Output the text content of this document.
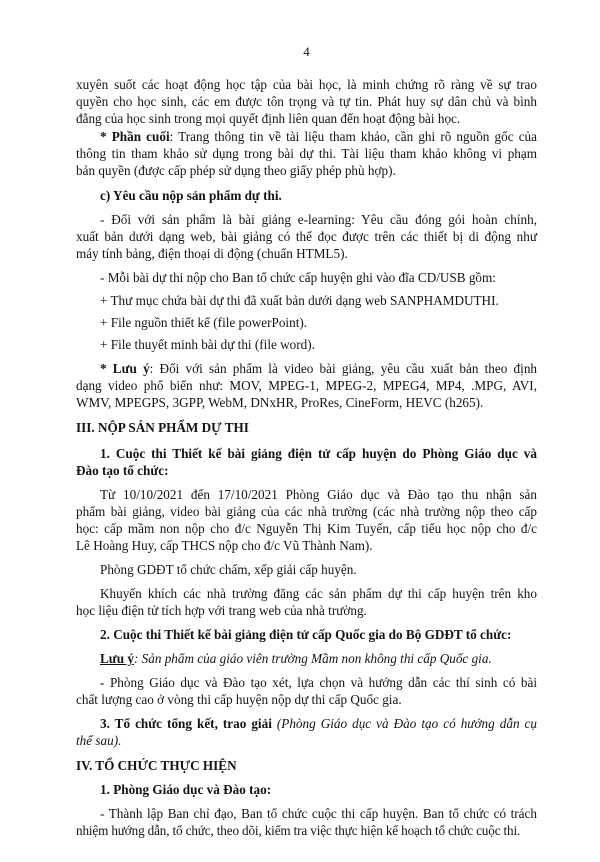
4
xuyên suốt các hoạt động học tập của bài học, là minh chứng rõ ràng về sự trao
quyền cho học sinh, các em được tôn trọng và tự tin. Phát huy sự dân chủ và bình
đẳng của học sinh trong mọi quyết định liên quan đến hoạt động bài học.
* Phần cuối: Trang thông tin về tài liệu tham khảo, cần ghi rõ nguồn gốc của
thông tin tham khảo sử dụng trong bài dự thi. Tài liệu tham khảo không vi phạm
bản quyền (được cấp phép sử dụng theo giấy phép phù hợp).
c) Yêu cầu nộp sản phẩm dự thi.
- Đối với sản phẩm là bài giảng e-learning: Yêu cầu đóng gói hoàn chỉnh,
xuất bản dưới dạng web, bài giảng có thể đọc được trên các thiết bị di động như
máy tính bảng, điện thoại di động (chuẩn HTML5).
- Mỗi bài dự thi nộp cho Ban tổ chức cấp huyện ghi vào đĩa CD/USB gồm:
+ Thư mục chứa bài dự thi đã xuất bản dưới dạng web SANPHAMDUTHI.
+ File nguồn thiết kế (file powerPoint).
+ File thuyết minh bài dự thi (file word).
* Lưu ý: Đối với sản phẩm là video bài giảng, yêu cầu xuất bản theo định
dạng video phổ biến như: MOV, MPEG-1, MPEG-2, MPEG4, MP4, .MPG, AVI,
WMV, MPEGPS, 3GPP, WebM, DNxHR, ProRes, CineForm, HEVC (h265).
III. NỘP SẢN PHẨM DỰ THI
1. Cuộc thi Thiết kế bài giảng điện tử cấp huyện do Phòng Giáo dục và
Đào tạo tổ chức:
Từ 10/10/2021 đến 17/10/2021 Phòng Giáo dục và Đào tạo thu nhận sản
phẩm bài giảng, video bài giảng của các nhà trường (các nhà trường nộp theo cấp
học: cấp mầm non nộp cho đ/c Nguyễn Thị Kim Tuyến, cấp tiểu học nộp cho đ/c
Lê Hoàng Huy, cấp THCS nộp cho đ/c Vũ Thành Nam).
Phòng GDĐT tổ chức chấm, xếp giải cấp huyện.
Khuyến khích các nhà trường đăng các sản phẩm dự thi cấp huyện trên kho
học liệu điện tử tích hợp với trang web của nhà trường.
2. Cuộc thi Thiết kế bài giảng điện tử cấp Quốc gia do Bộ GDĐT tổ chức:
Lưu ý: Sản phẩm của giáo viên trường Mầm non không thi cấp Quốc gia.
- Phòng Giáo dục và Đào tạo xét, lựa chọn và hướng dẫn các thí sinh có bài
chất lượng cao ở vòng thi cấp huyện nộp dự thi cấp Quốc gia.
3. Tổ chức tổng kết, trao giải (Phòng Giáo dục và Đào tạo có hướng dẫn cụ
thể sau).
IV. TỔ CHỨC THỰC HIỆN
1. Phòng Giáo dục và Đào tạo:
- Thành lập Ban chỉ đạo, Ban tổ chức cuộc thi cấp huyện. Ban tổ chức có trách
nhiệm hướng dẫn, tổ chức, theo dõi, kiểm tra việc thực hiện kế hoạch tổ chức cuộc thi.
